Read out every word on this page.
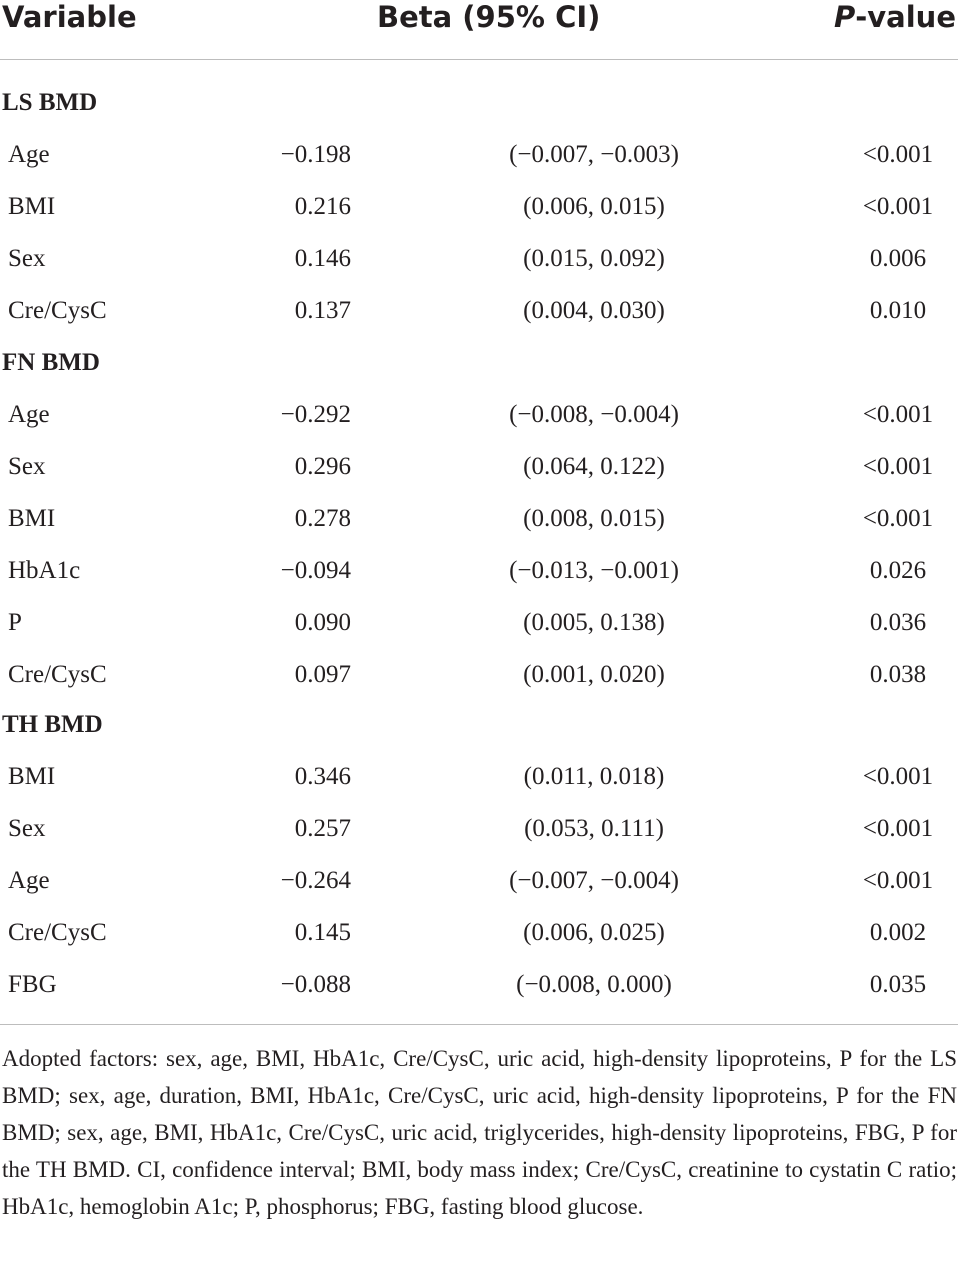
Variable	Beta (95% CI)	P-value
LS BMD
Age	−0.198	(−0.007, −0.003)	<0.001
BMI	0.216	(0.006, 0.015)	<0.001
Sex	0.146	(0.015, 0.092)	0.006
Cre/CysC	0.137	(0.004, 0.030)	0.010
FN BMD
Age	−0.292	(−0.008, −0.004)	<0.001
Sex	0.296	(0.064, 0.122)	<0.001
BMI	0.278	(0.008, 0.015)	<0.001
HbA1c	−0.094	(−0.013, −0.001)	0.026
P	0.090	(0.005, 0.138)	0.036
Cre/CysC	0.097	(0.001, 0.020)	0.038
TH BMD
BMI	0.346	(0.011, 0.018)	<0.001
Sex	0.257	(0.053, 0.111)	<0.001
Age	−0.264	(−0.007, −0.004)	<0.001
Cre/CysC	0.145	(0.006, 0.025)	0.002
FBG	−0.088	(−0.008, 0.000)	0.035
Adopted factors: sex, age, BMI, HbA1c, Cre/CysC, uric acid, high-density lipoproteins, P for the LS BMD; sex, age, duration, BMI, HbA1c, Cre/CysC, uric acid, high-density lipoproteins, P for the FN BMD; sex, age, BMI, HbA1c, Cre/CysC, uric acid, triglycerides, high-density lipoproteins, FBG, P for the TH BMD. CI, confidence interval; BMI, body mass index; Cre/CysC, creatinine to cystatin C ratio; HbA1c, hemoglobin A1c; P, phosphorus; FBG, fasting blood glucose.
